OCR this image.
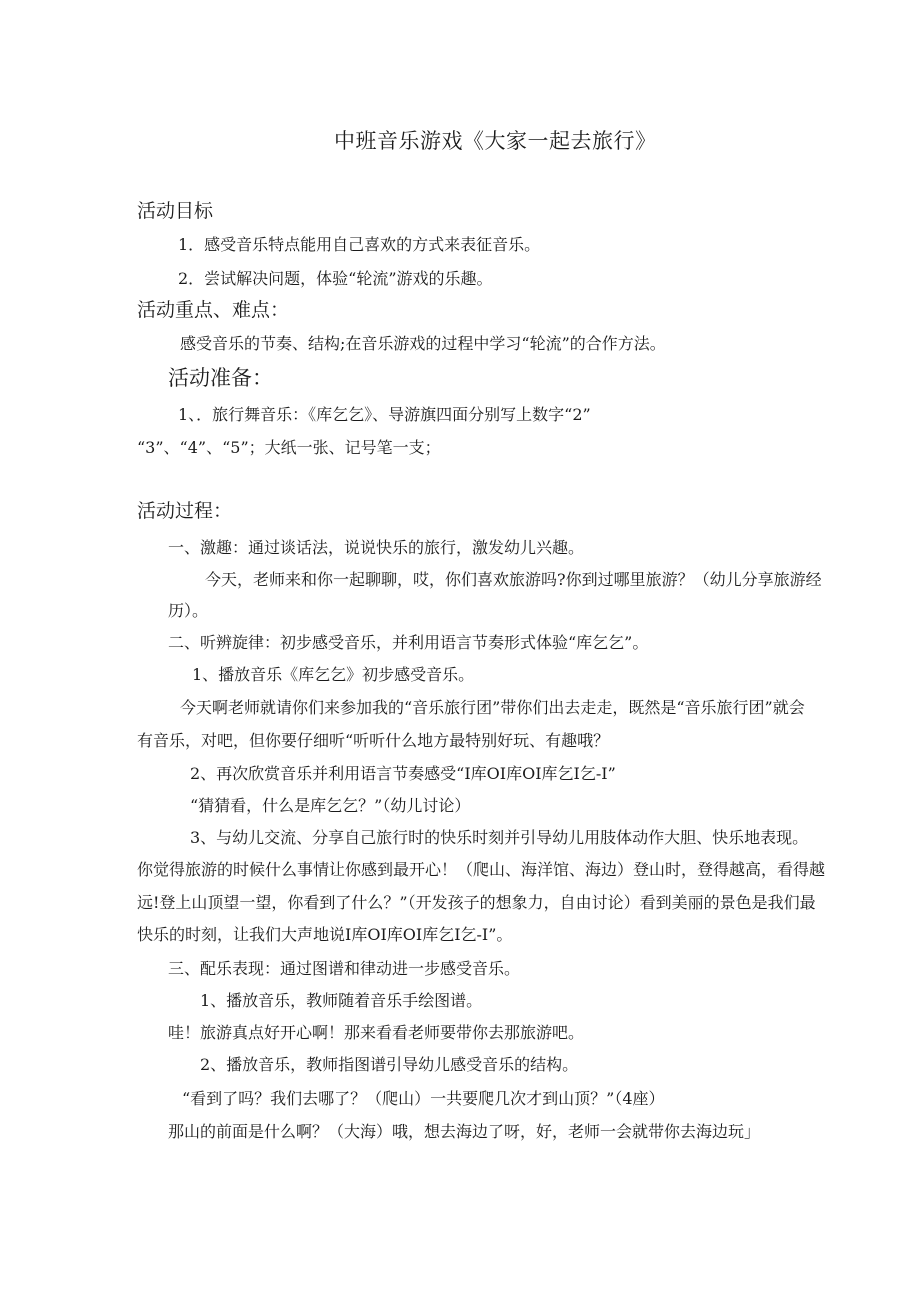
中班音乐游戏《大家一起去旅行》
活动目标
1．感受音乐特点能用自己喜欢的方式来表征音乐。
2．尝试解决问题，体验“轮流”游戏的乐趣。
活动重点、难点：
感受音乐的节奏、结构;在音乐游戏的过程中学习“轮流”的合作方法。
活动准备：
1、．旅行舞音乐：《库乞乞》、导游旗四面分别写上数字“2”
“3”、“4”、“5”；大纸一张、记号笔一支；
活动过程：
一、激趣：通过谈话法，说说快乐的旅行，激发幼儿兴趣。
今天，老师来和你一起聊聊，哎，你们喜欢旅游吗?你到过哪里旅游？（幼儿分享旅游经
历）。
二、听辨旋律：初步感受音乐，并利用语言节奏形式体验“库乞乞”。
1、播放音乐《库乞乞》初步感受音乐。
今天啊老师就请你们来参加我的“音乐旅行团”带你们出去走走，既然是“音乐旅行团”就会
有音乐，对吧，但你要仔细听“听听什么地方最特别好玩、有趣哦？
2、再次欣赏音乐并利用语言节奏感受“I库OI库OI库乞I乞-I”
“猜猜看，什么是库乞乞？”（幼儿讨论）
3、与幼儿交流、分享自己旅行时的快乐时刻并引导幼儿用肢体动作大胆、快乐地表现。
你觉得旅游的时候什么事情让你感到最开心！（爬山、海洋馆、海边）登山时，登得越高，看得越
远!登上山顶望一望，你看到了什么？”（开发孩子的想象力，自由讨论）看到美丽的景色是我们最
快乐的时刻，让我们大声地说I库OI库OI库乞I乞-I”。
三、配乐表现：通过图谱和律动进一步感受音乐。
1、播放音乐，教师随着音乐手绘图谱。
哇！旅游真点好开心啊！那来看看老师要带你去那旅游吧。
2、播放音乐，教师指图谱引导幼儿感受音乐的结构。
“看到了吗？我们去哪了？（爬山）一共要爬几次才到山顶？”（4座）
那山的前面是什么啊？（大海）哦，想去海边了呀，好，老师一会就带你去海边玩」
